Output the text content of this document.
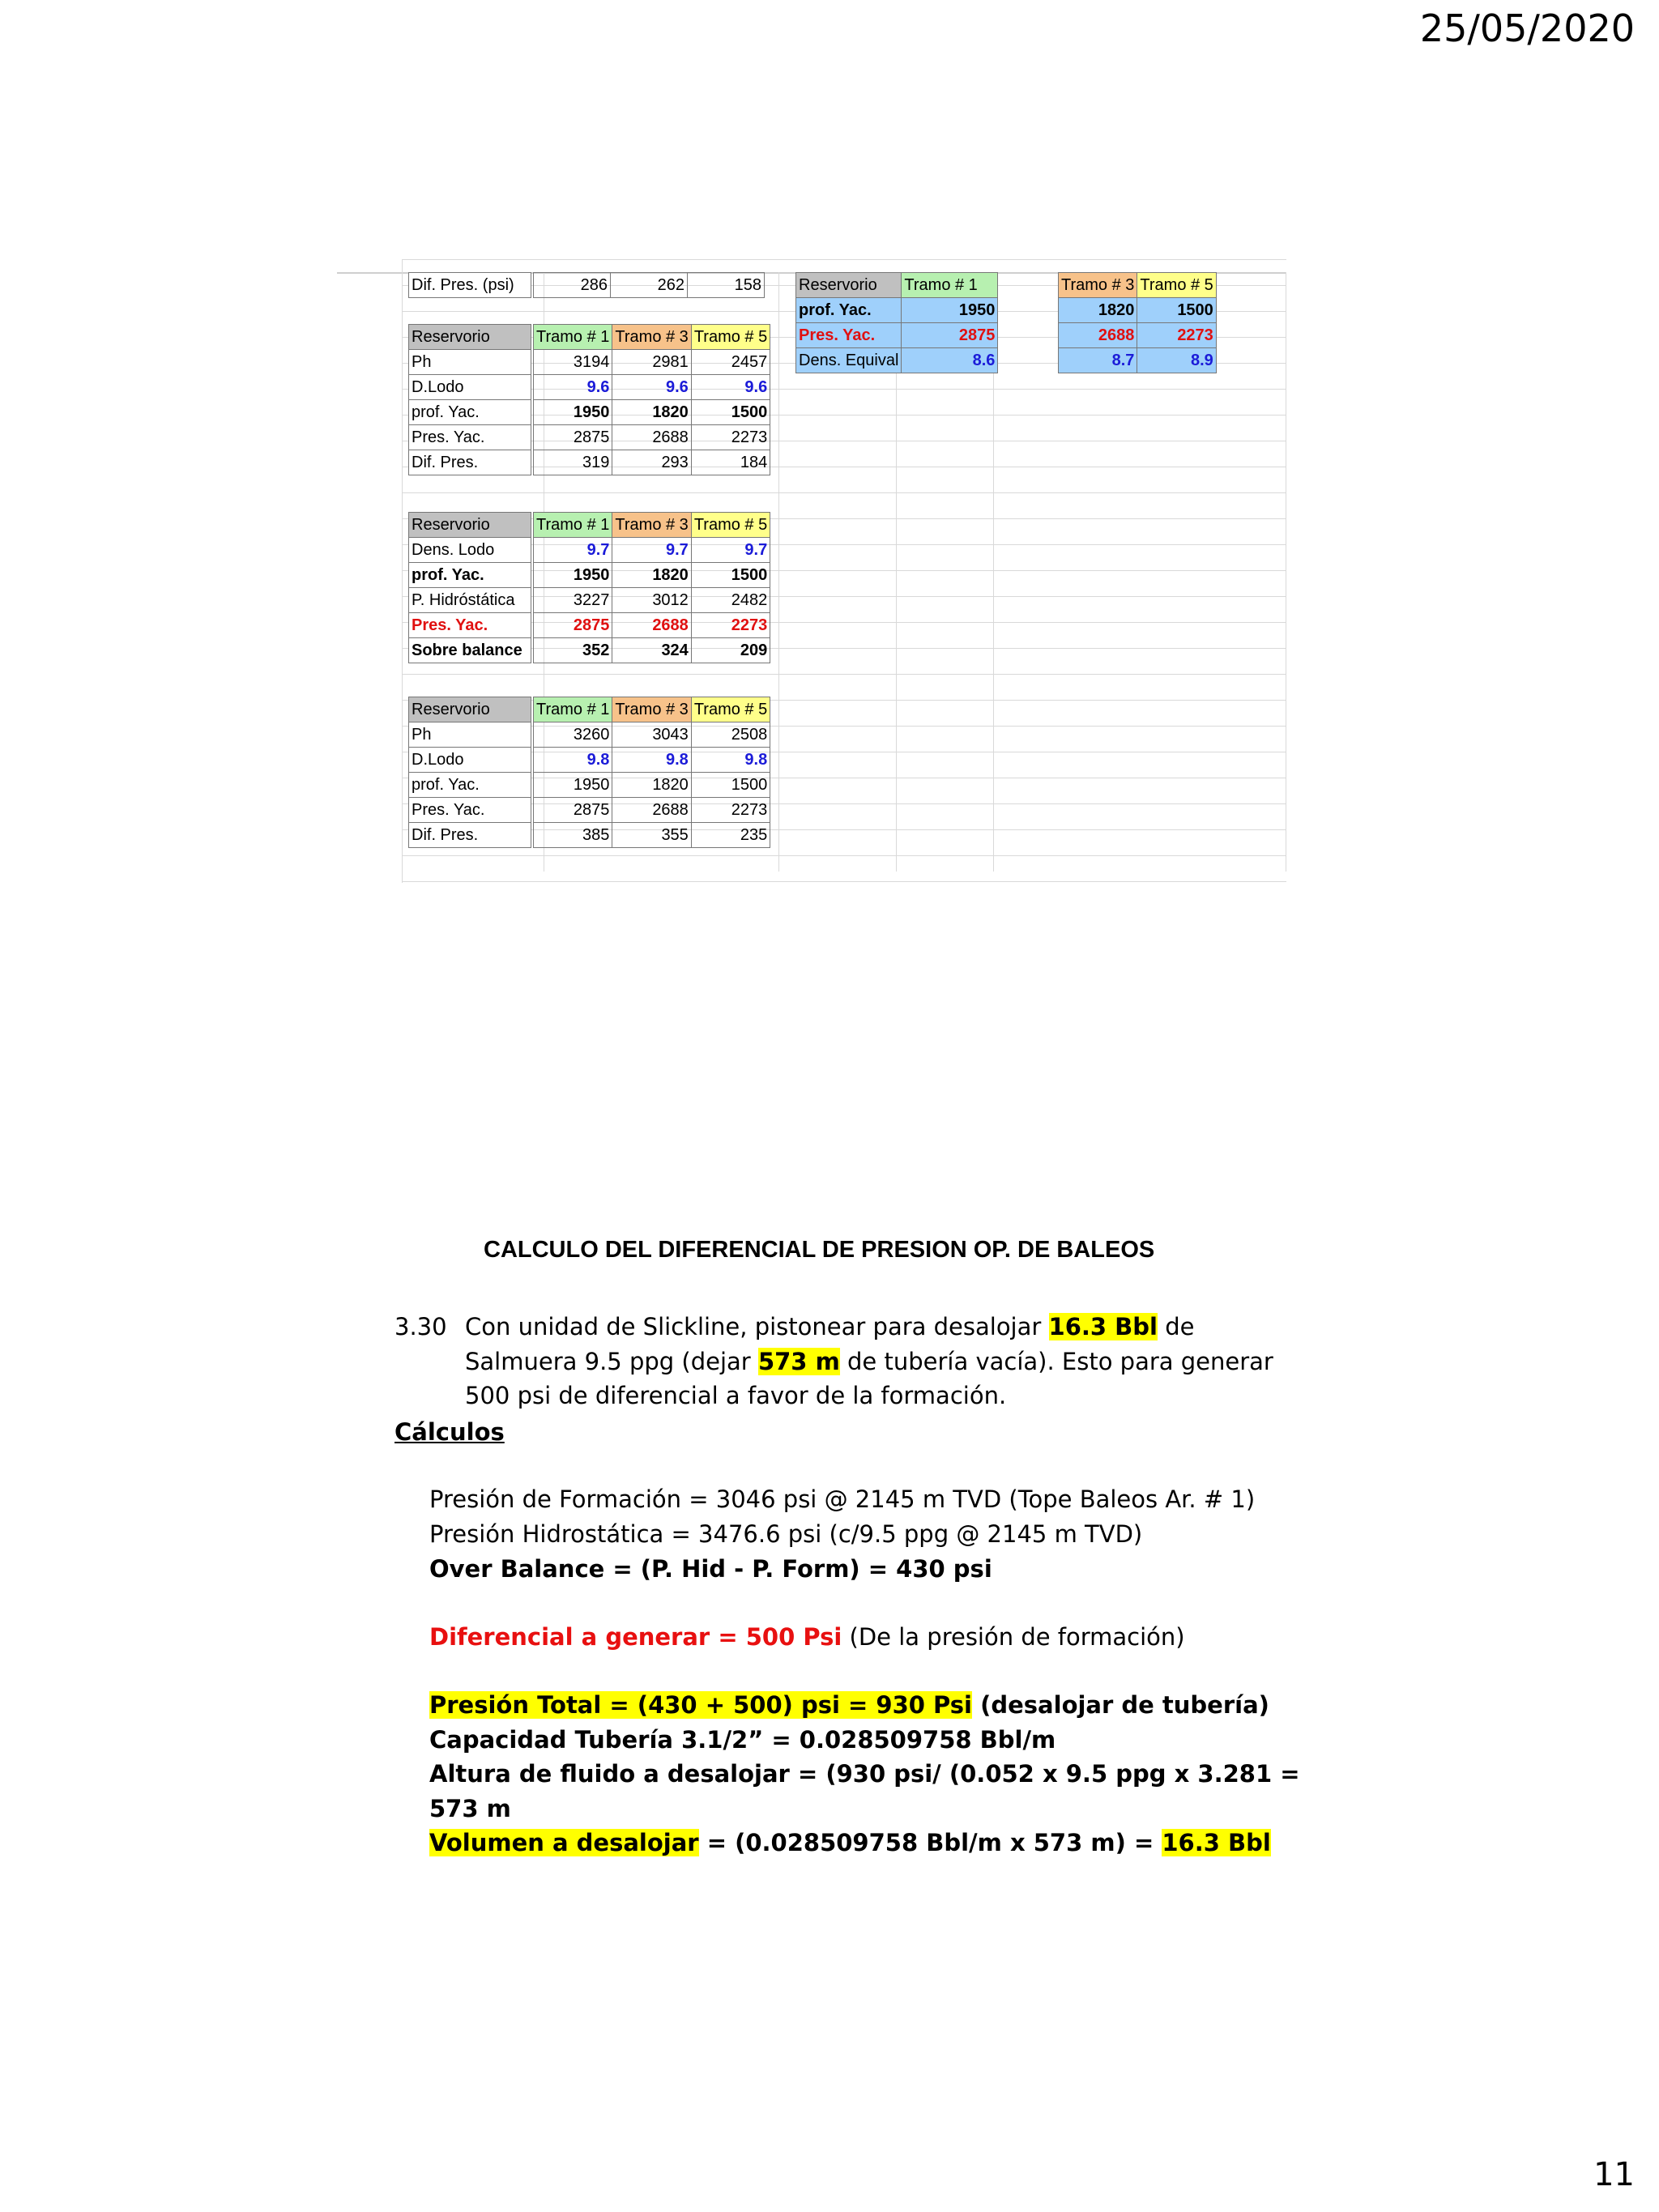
25/05/2020
Dif. Pres. (psi)		286	262	158
Reservorio		Tramo # 1	Tramo # 3	Tramo # 5
Ph		3194	2981	2457
D.Lodo		9.6	9.6	9.6
prof. Yac.		1950	1820	1500
Pres. Yac.		2875	2688	2273
Dif. Pres.		319	293	184
Reservorio		Tramo # 1	Tramo # 3	Tramo # 5
Dens. Lodo		9.7	9.7	9.7
prof. Yac.		1950	1820	1500
P. Hidróstática		3227	3012	2482
Pres. Yac.		2875	2688	2273
Sobre balance		352	324	209
Reservorio		Tramo # 1	Tramo # 3	Tramo # 5
Ph		3260	3043	2508
D.Lodo		9.8	9.8	9.8
prof. Yac.		1950	1820	1500
Pres. Yac.		2875	2688	2273
Dif. Pres.		385	355	235
Reservorio	Tramo # 1
prof. Yac.	1950
Pres. Yac.	2875
Dens. Equival	8.6
Tramo # 3	Tramo # 5
1820	1500
2688	2273
8.7	8.9
CALCULO DEL DIFERENCIAL DE PRESION OP. DE BALEOS
3.30 Con unidad de Slickline, pistonear para desalojar 16.3 Bbl de
Salmuera 9.5 ppg (dejar 573 m de tubería vacía). Esto para generar
500 psi de diferencial a favor de la formación.
Cálculos
Presión de Formación = 3046 psi @ 2145 m TVD (Tope Baleos Ar. # 1)
Presión Hidrostática = 3476.6 psi (c/9.5 ppg @ 2145 m TVD)
Over Balance = (P. Hid - P. Form) = 430 psi
Diferencial a generar = 500 Psi (De la presión de formación)
Presión Total = (430 + 500) psi = 930 Psi (desalojar de tubería)
Capacidad Tubería 3.1/2” = 0.028509758 Bbl/m
Altura de fluido a desalojar = (930 psi/ (0.052 x 9.5 ppg x 3.281 =
573 m
Volumen a desalojar = (0.028509758 Bbl/m x 573 m) = 16.3 Bbl
11
